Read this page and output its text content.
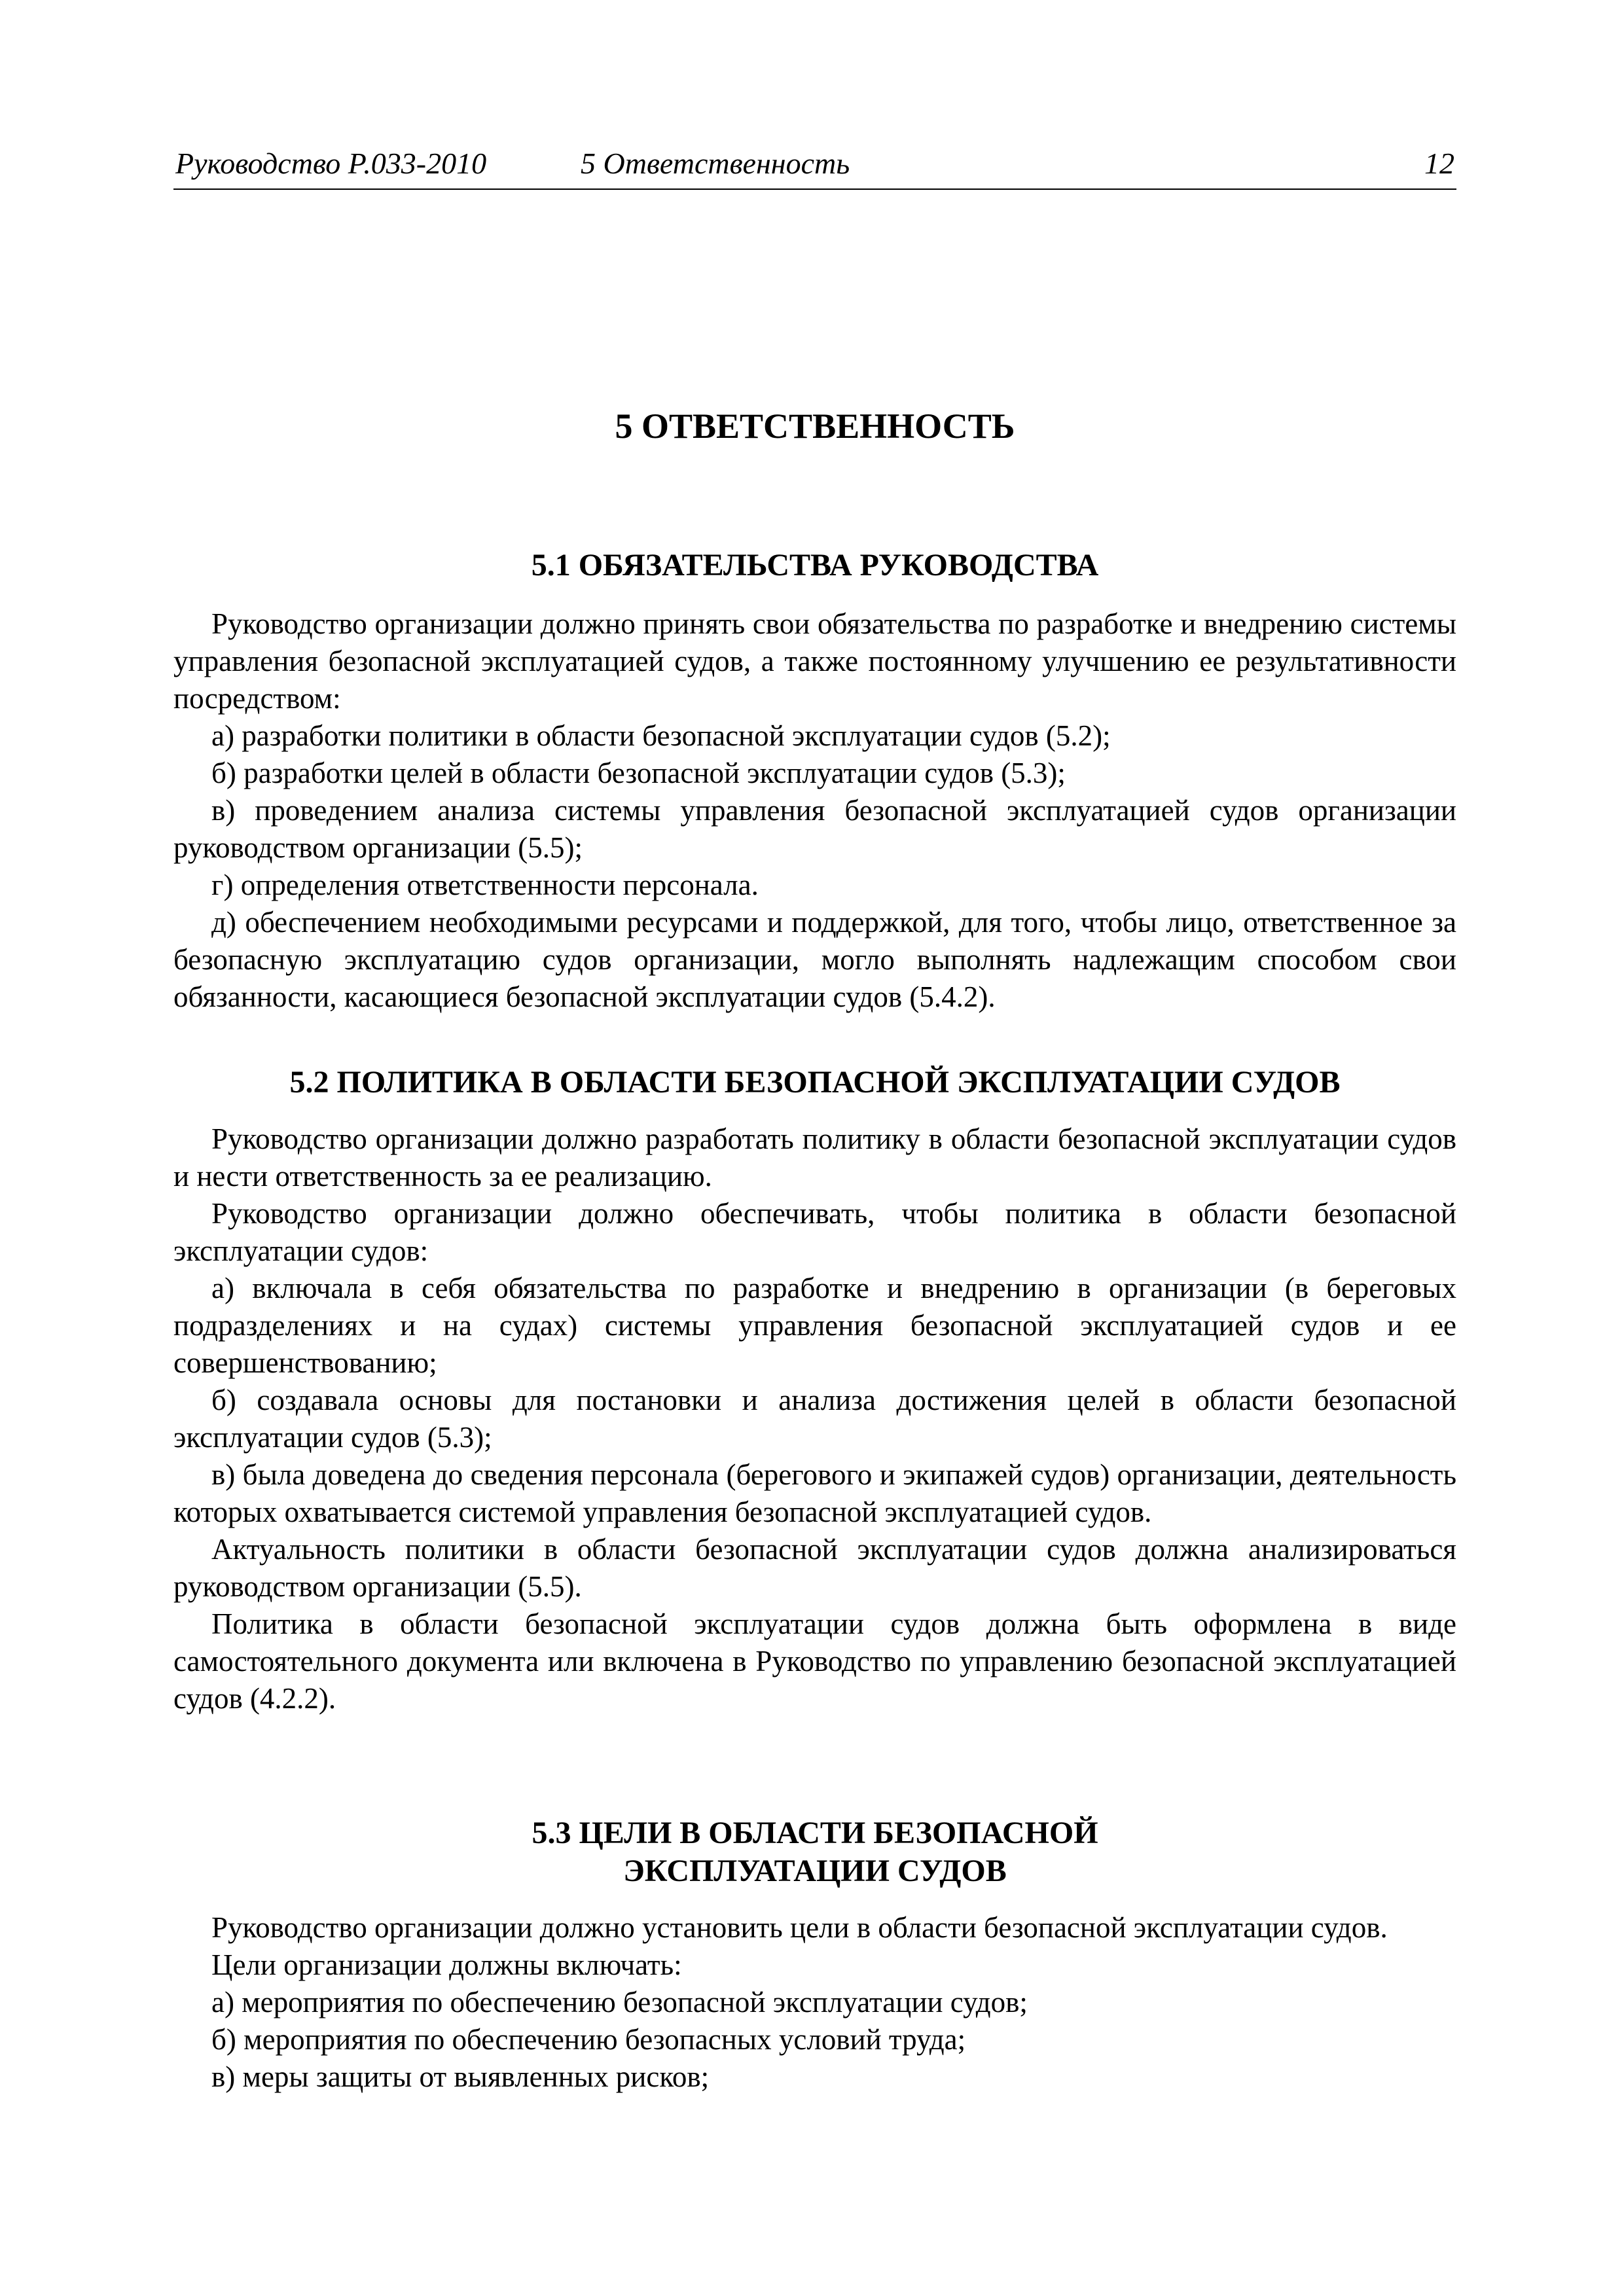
Руководство Р.033-2010	5 Ответственность	12
5 ОТВЕТСТВЕННОСТЬ
5.1 ОБЯЗАТЕЛЬСТВА РУКОВОДСТВА

Руководство организации должно принять свои обязательства по разработке и внедрению системы управления безопасной эксплуатацией судов, а также постоянному улучшению ее результативности посредством:

а) разработки политики в области безопасной эксплуатации судов (5.2);

б) разработки целей в области безопасной эксплуатации судов (5.3);

в) проведением анализа системы управления безопасной эксплуатацией судов организации руководством организации (5.5);

г) определения ответственности персонала.

д) обеспечением необходимыми ресурсами и поддержкой, для того, чтобы лицо, ответственное за безопасную эксплуатацию судов организации, могло выполнять надлежащим способом свои обязанности, касающиеся безопасной эксплуатации судов (5.4.2).

5.2 ПОЛИТИКА В ОБЛАСТИ БЕЗОПАСНОЙ ЭКСПЛУАТАЦИИ СУДОВ

Руководство организации должно разработать политику в области безопасной эксплуатации судов и нести ответственность за ее реализацию.

Руководство организации должно обеспечивать, чтобы политика в области безопасной эксплуатации судов:

а) включала в себя обязательства по разработке и внедрению в организации (в береговых подразделениях и на судах) системы управления безопасной эксплуатацией судов и ее совершенствованию;

б) создавала основы для постановки и анализа достижения целей в области безопасной эксплуатации судов (5.3);

в) была доведена до сведения персонала (берегового и экипажей судов) организации, деятельность которых охватывается системой управления безопасной эксплуатацией судов.

Актуальность политики в области безопасной эксплуатации судов должна анализироваться руководством организации (5.5).

Политика в области безопасной эксплуатации судов должна быть оформлена в виде самостоятельного документа или включена в Руководство по управлению безопасной эксплуатацией судов (4.2.2).

5.3 ЦЕЛИ В ОБЛАСТИ БЕЗОПАСНОЙ
ЭКСПЛУАТАЦИИ СУДОВ

Руководство организации должно установить цели в области безопасной эксплуатации судов.

Цели организации должны включать:

а) мероприятия по обеспечению безопасной эксплуатации судов;

б) мероприятия по обеспечению безопасных условий труда;

в) меры защиты от выявленных рисков;
